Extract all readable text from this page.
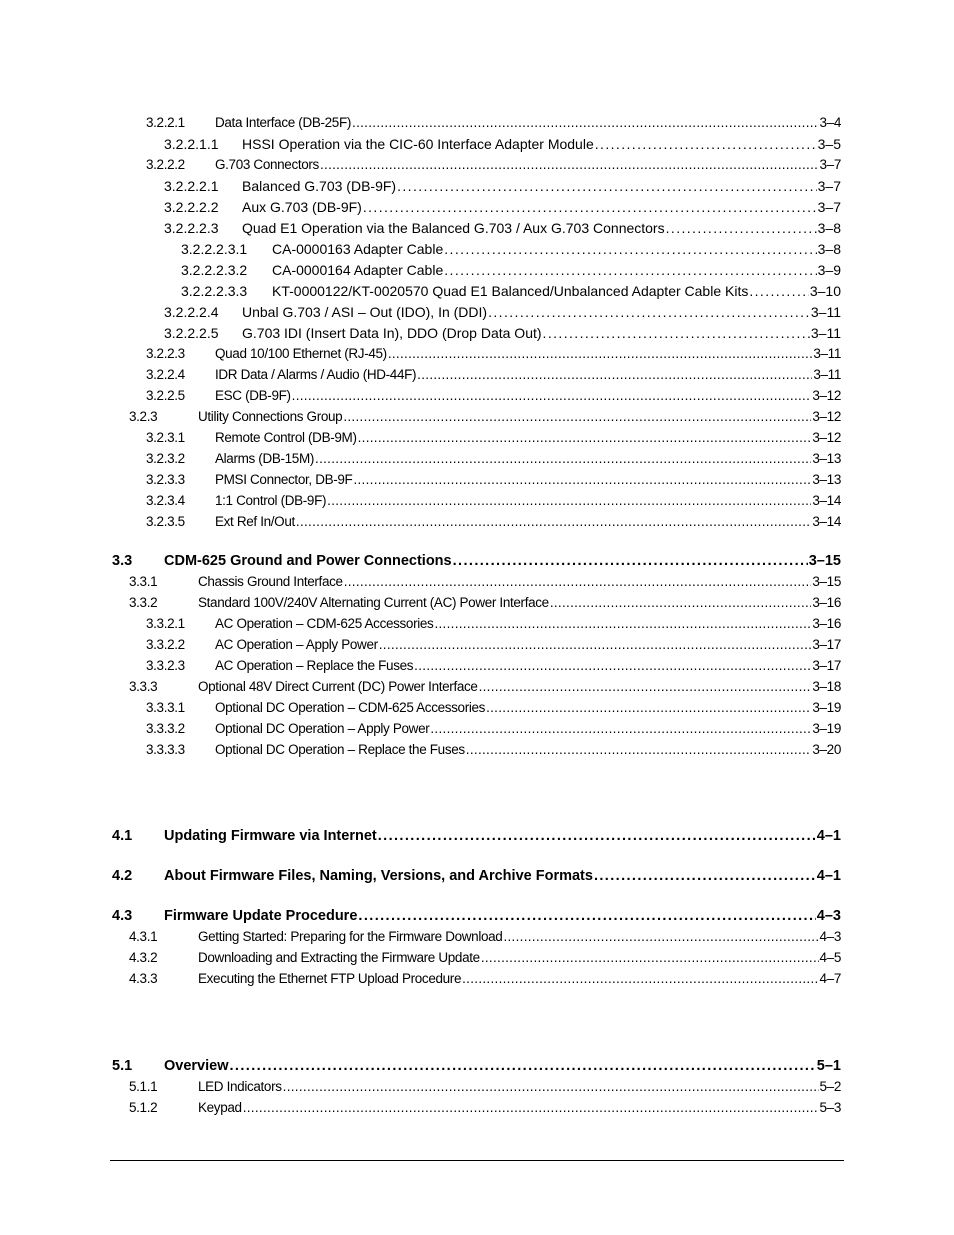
3.2.2.1 Data Interface (DB-25F) .....	3–4
3.2.2.1.1 HSSI Operation via the CIC-60 Interface Adapter Module .....	3–5
3.2.2.2 G.703 Connectors .....	3–7
3.2.2.2.1 Balanced G.703 (DB-9F) .....	3–7
3.2.2.2.2 Aux G.703 (DB-9F) .....	3–7
3.2.2.2.3 Quad E1 Operation via the Balanced G.703 / Aux G.703 Connectors .....	3–8
3.2.2.2.3.1 CA-0000163 Adapter Cable .....	3–8
3.2.2.2.3.2 CA-0000164 Adapter Cable .....	3–9
3.2.2.2.3.3 KT-0000122/KT-0020570 Quad E1 Balanced/Unbalanced Adapter Cable Kits .....	3–10
3.2.2.2.4 Unbal G.703 / ASI – Out (IDO), In (DDI) .....	3–11
3.2.2.2.5 G.703 IDI (Insert Data In), DDO (Drop Data Out) .....	3–11
3.2.2.3 Quad 10/100 Ethernet (RJ-45) .....	3–11
3.2.2.4 IDR Data / Alarms / Audio (HD-44F) .....	3–11
3.2.2.5 ESC (DB-9F) .....	3–12
3.2.3	Utility Connections Group .....	3–12
3.2.3.1 Remote Control (DB-9M) .....	3–12
3.2.3.2 Alarms (DB-15M) .....	3–13
3.2.3.3 PMSI Connector, DB-9F .....	3–13
3.2.3.4 1:1 Control (DB-9F) .....	3–14
3.2.3.5 Ext Ref In/Out .....	3–14
3.3 CDM-625 Ground and Power Connections .....	3–15
3.3.1	Chassis Ground Interface .....	3–15
3.3.2	Standard 100V/240V Alternating Current (AC) Power Interface .....	3–16
3.3.2.1 AC Operation – CDM-625 Accessories .....	3–16
3.3.2.2 AC Operation – Apply Power .....	3–17
3.3.2.3 AC Operation – Replace the Fuses .....	3–17
3.3.3	Optional 48V Direct Current (DC) Power Interface .....	3–18
3.3.3.1 Optional DC Operation – CDM-625 Accessories .....	3–19
3.3.3.2 Optional DC Operation – Apply Power .....	3–19
3.3.3.3 Optional DC Operation – Replace the Fuses .....	3–20
4.1 Updating Firmware via Internet .....	4–1
4.2 About Firmware Files, Naming, Versions, and Archive Formats .....	4–1
4.3 Firmware Update Procedure .....	4–3
4.3.1	Getting Started: Preparing for the Firmware Download .....	4–3
4.3.2	Downloading and Extracting the Firmware Update .....	4–5
4.3.3	Executing the Ethernet FTP Upload Procedure .....	4–7
5.1 Overview .....	5–1
5.1.1	LED Indicators .....	5–2
5.1.2	Keypad .....	5–3
